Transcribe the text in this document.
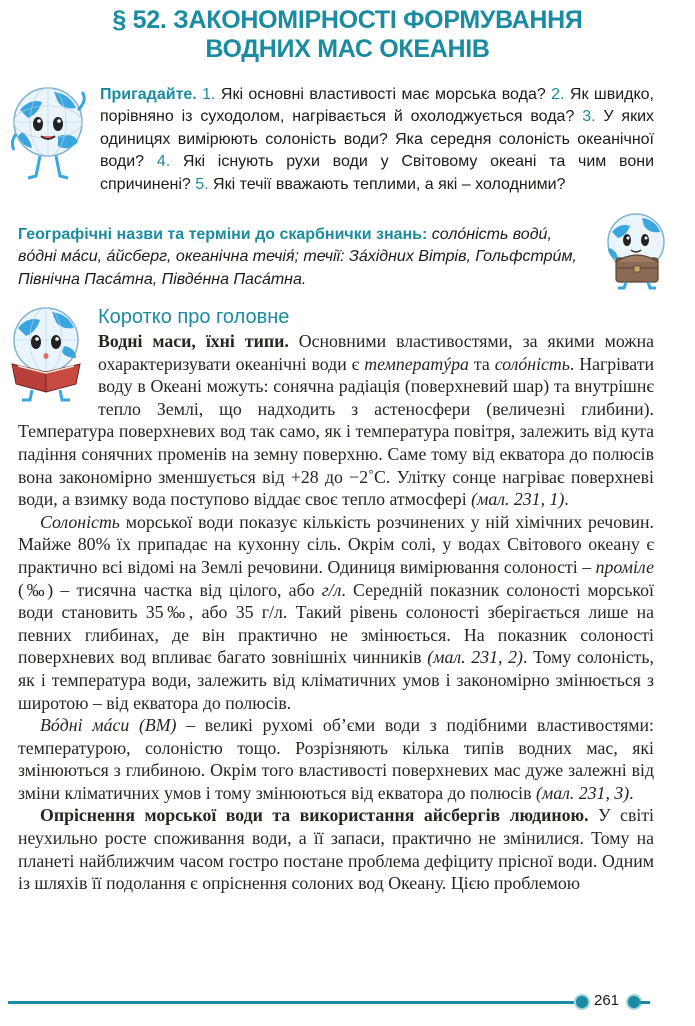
§ 52. ЗАКОНОМІРНОСТІ ФОРМУВАННЯ
ВОДНИХ МАС ОКЕАНІВ
Пригадайте. 1. Які основні властивості має морська вода? 2. Як швидко, порівняно із суходолом, нагрівається й охолоджується вода? 3. У яких одиницях вимірюють солоність води? Яка середня солоність океанічної води? 4. Які існують рухи води у Світовому океані та чим вони спричинені? 5. Які течії вважають теплими, а які – холодними?
Географічні назви та терміни до скарбнички знань: соло́ність водú, вóдні мáси, áйсберг, океанічна течія́; течії: Зáхідних Вітрів, Гольфстрúм, Північна Пасáтна, Півдéнна Пасáтна.
Коротко про головне

Водні маси, їхні типи. Основними властивостями, за якими можна охарактеризувати океанічні води є температýра та солóність. Нагрівати воду в Океані можуть: сонячна радіація (поверхневий шар) та внутрішнє тепло Землі, що надходить з астеносфери (величезні глибини). Температура поверхневих вод так само, як і температура повітря, залежить від кута падіння сонячних променів на земну поверхню. Саме тому від екватора до полюсів вона закономірно зменшується від +28 до −2˚С. Улітку сонце нагріває поверхневі води, а взимку вода поступово віддає своє тепло атмосфері (мал. 231, 1).

Солоність морської води показує кількість розчинених у ній хімічних речовин. Майже 80% їх припадає на кухонну сіль. Окрім солі, у водах Світового океану є практично всі відомі на Землі речовини. Одиниця вимірювання солоності – проміле (‰) – тисячна частка від цілого, або г/л. Середній показник солоності морської води становить 35‰, або 35 г/л. Такий рівень солоності зберігається лише на певних глибинах, де він практично не змінюється. На показник солоності поверхневих вод впливає багато зовнішніх чинників (мал. 231, 2). Тому солоність, як і температура води, залежить від кліматичних умов і закономірно змінюється з широтою – від екватора до полюсів.

Вóдні мáси (ВМ) – великі рухомі об’єми води з подібними властивостями: температурою, солоністю тощо. Розрізняють кілька типів водних мас, які змінюються з глибиною. Окрім того властивості поверхневих мас дуже залежні від зміни кліматичних умов і тому змінюються від екватора до полюсів (мал. 231, 3).

Опріснення морської води та використання айсбергів людиною. У світі неухильно росте споживання води, а її запаси, практично не змінилися. Тому на планеті найближчим часом гостро постане проблема дефіциту прісної води. Одним із шляхів її подолання є опріснення солоних вод Океану. Цією проблемою

261
